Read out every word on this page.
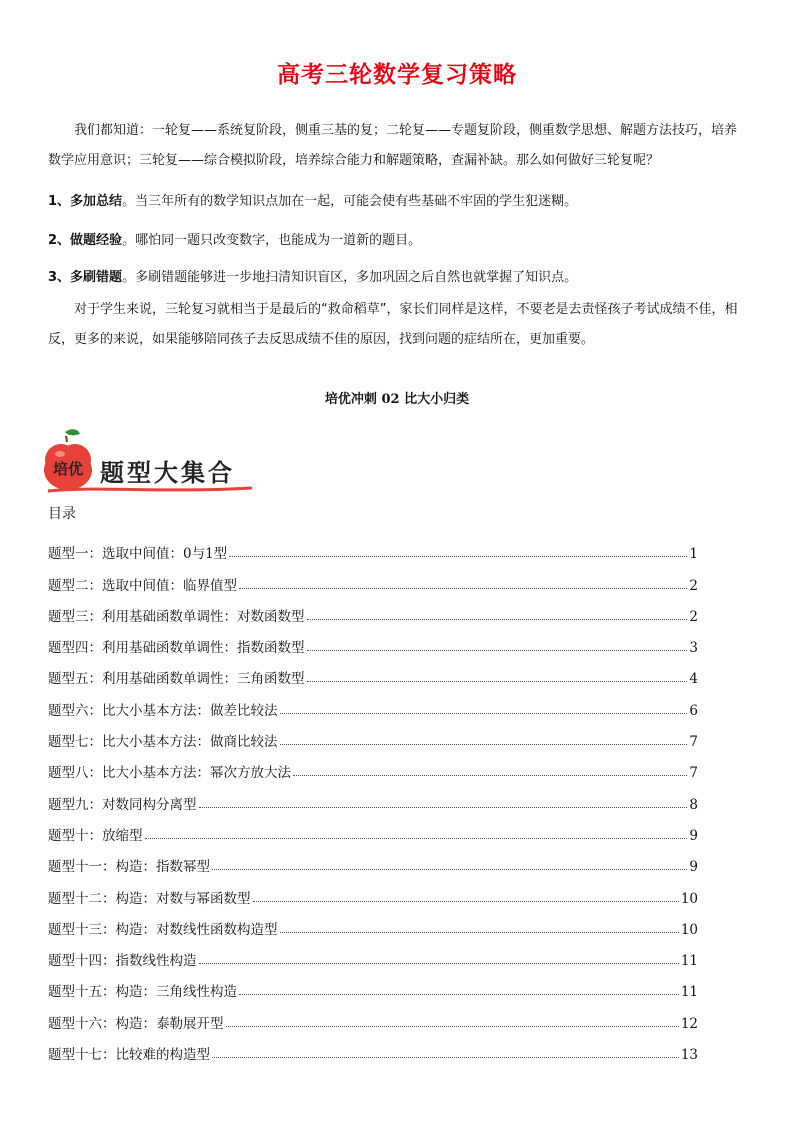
高考三轮数学复习策略
我们都知道：一轮复——系统复阶段，侧重三基的复；二轮复——专题复阶段，侧重数学思想、解题方法技巧，培养数学应用意识；三轮复——综合模拟阶段，培养综合能力和解题策略，查漏补缺。那么如何做好三轮复呢？
1、多加总结。当三年所有的数学知识点加在一起，可能会使有些基础不牢固的学生犯迷糊。
2、做题经验。哪怕同一题只改变数字，也能成为一道新的题目。
3、多刷错题。多刷错题能够进一步地扫清知识盲区，多加巩固之后自然也就掌握了知识点。
对于学生来说，三轮复习就相当于是最后的“救命稻草”，家长们同样是这样，不要老是去责怪孩子考试成绩不佳，相反，更多的来说，如果能够陪同孩子去反思成绩不佳的原因，找到问题的症结所在，更加重要。
培优冲刺 02 比大小归类
培优 题型大集合
目录
题型一：选取中间值：0与1型	1
题型二：选取中间值：临界值型	2
题型三：利用基础函数单调性：对数函数型	2
题型四：利用基础函数单调性：指数函数型	3
题型五：利用基础函数单调性：三角函数型	4
题型六：比大小基本方法：做差比较法	6
题型七：比大小基本方法：做商比较法	7
题型八：比大小基本方法：幂次方放大法	7
题型九：对数同构分离型	8
题型十：放缩型	9
题型十一：构造：指数幂型	9
题型十二：构造：对数与幂函数型	10
题型十三：构造：对数线性函数构造型	10
题型十四：指数线性构造	11
题型十五：构造：三角线性构造	11
题型十六：构造：泰勒展开型	12
题型十七：比较难的构造型	13
